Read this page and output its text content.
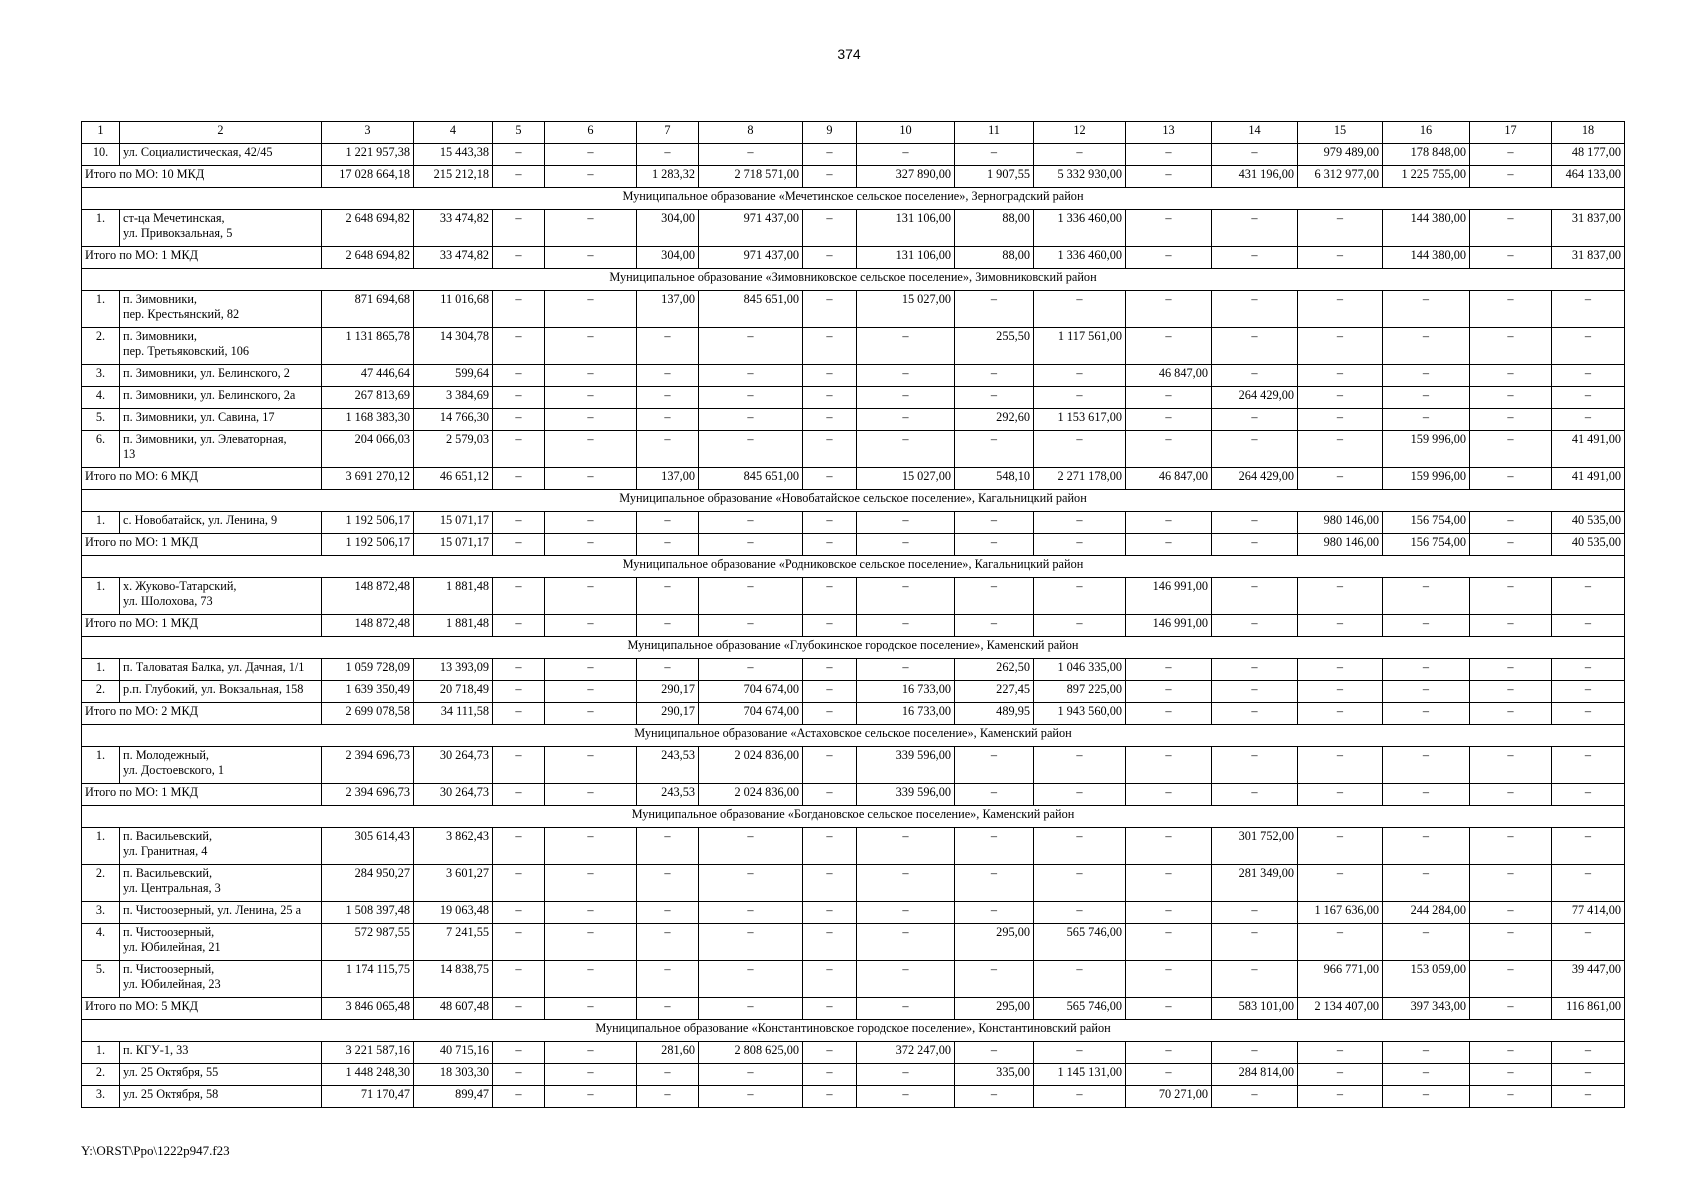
374
1	2	3	4	5	6	7	8	9	10	11	12	13	14	15	16	17	18
10.	ул. Социалистическая, 42/45	1 221 957,38	15 443,38	–	–	–	–	–	–	–	–	–	–	979 489,00	178 848,00	–	48 177,00
Итого по МО: 10 МКД		17 028 664,18	215 212,18	–	–	1 283,32	2 718 571,00	–	327 890,00	1 907,55	5 332 930,00	–	431 196,00	6 312 977,00	1 225 755,00	–	464 133,00
Муниципальное образование «Мечетинское сельское поселение», Зерноградский район																	
1.	ст-ца Мечетинская,
ул. Привокзальная, 5	2 648 694,82	33 474,82	–	–	304,00	971 437,00	–	131 106,00	88,00	1 336 460,00	–	–	–	144 380,00	–	31 837,00
Итого по МО: 1 МКД		2 648 694,82	33 474,82	–	–	304,00	971 437,00	–	131 106,00	88,00	1 336 460,00	–	–	–	144 380,00	–	31 837,00
Муниципальное образование «Зимовниковское сельское поселение», Зимовниковский район																	
1.	п. Зимовники,
пер. Крестьянский, 82	871 694,68	11 016,68	–	–	137,00	845 651,00	–	15 027,00	–	–	–	–	–	–	–	–
2.	п. Зимовники,
пер. Третьяковский, 106	1 131 865,78	14 304,78	–	–	–	–	–	–	255,50	1 117 561,00	–	–	–	–	–	–
3.	п. Зимовники, ул. Белинского, 2	47 446,64	599,64	–	–	–	–	–	–	–	–	46 847,00	–	–	–	–	–
4.	п. Зимовники, ул. Белинского, 2а	267 813,69	3 384,69	–	–	–	–	–	–	–	–	–	264 429,00	–	–	–	–
5.	п. Зимовники, ул. Савина, 17	1 168 383,30	14 766,30	–	–	–	–	–	–	292,60	1 153 617,00	–	–	–	–	–	–
6.	п. Зимовники, ул. Элеваторная,
13	204 066,03	2 579,03	–	–	–	–	–	–	–	–	–	–	–	159 996,00	–	41 491,00
Итого по МО: 6 МКД		3 691 270,12	46 651,12	–	–	137,00	845 651,00	–	15 027,00	548,10	2 271 178,00	46 847,00	264 429,00	–	159 996,00	–	41 491,00
Муниципальное образование «Новобатайское сельское поселение», Кагальницкий район																	
1.	с. Новобатайск, ул. Ленина, 9	1 192 506,17	15 071,17	–	–	–	–	–	–	–	–	–	–	980 146,00	156 754,00	–	40 535,00
Итого по МО: 1 МКД		1 192 506,17	15 071,17	–	–	–	–	–	–	–	–	–	–	980 146,00	156 754,00	–	40 535,00
Муниципальное образование «Родниковское сельское поселение», Кагальницкий район																	
1.	х. Жуково-Татарский,
ул. Шолохова, 73	148 872,48	1 881,48	–	–	–	–	–	–	–	–	146 991,00	–	–	–	–	–
Итого по МО: 1 МКД		148 872,48	1 881,48	–	–	–	–	–	–	–	–	146 991,00	–	–	–	–	–
Муниципальное образование «Глубокинское городское поселение», Каменский район																	
1.	п. Таловатая Балка, ул. Дачная, 1/1	1 059 728,09	13 393,09	–	–	–	–	–	–	262,50	1 046 335,00	–	–	–	–	–	–
2.	р.п. Глубокий, ул. Вокзальная, 158	1 639 350,49	20 718,49	–	–	290,17	704 674,00	–	16 733,00	227,45	897 225,00	–	–	–	–	–	–
Итого по МО: 2 МКД		2 699 078,58	34 111,58	–	–	290,17	704 674,00	–	16 733,00	489,95	1 943 560,00	–	–	–	–	–	–
Муниципальное образование «Астаховское сельское поселение», Каменский район																	
1.	п. Молодежный,
ул. Достоевского, 1	2 394 696,73	30 264,73	–	–	243,53	2 024 836,00	–	339 596,00	–	–	–	–	–	–	–	–
Итого по МО: 1 МКД		2 394 696,73	30 264,73	–	–	243,53	2 024 836,00	–	339 596,00	–	–	–	–	–	–	–	–
Муниципальное образование «Богдановское сельское поселение», Каменский район																	
1.	п. Васильевский,
ул. Гранитная, 4	305 614,43	3 862,43	–	–	–	–	–	–	–	–	–	301 752,00	–	–	–	–
2.	п. Васильевский,
ул. Центральная, 3	284 950,27	3 601,27	–	–	–	–	–	–	–	–	–	281 349,00	–	–	–	–
3.	п. Чистоозерный, ул. Ленина, 25 а	1 508 397,48	19 063,48	–	–	–	–	–	–	–	–	–	–	1 167 636,00	244 284,00	–	77 414,00
4.	п. Чистоозерный,
ул. Юбилейная, 21	572 987,55	7 241,55	–	–	–	–	–	–	295,00	565 746,00	–	–	–	–	–	–
5.	п. Чистоозерный,
ул. Юбилейная, 23	1 174 115,75	14 838,75	–	–	–	–	–	–	–	–	–	–	966 771,00	153 059,00	–	39 447,00
Итого по МО: 5 МКД		3 846 065,48	48 607,48	–	–	–	–	–	–	295,00	565 746,00	–	583 101,00	2 134 407,00	397 343,00	–	116 861,00
Муниципальное образование «Константиновское городское поселение», Константиновский район																	
1.	п. КГУ-1, 33	3 221 587,16	40 715,16	–	–	281,60	2 808 625,00	–	372 247,00	–	–	–	–	–	–	–	–
2.	ул. 25 Октября, 55	1 448 248,30	18 303,30	–	–	–	–	–	–	335,00	1 145 131,00	–	284 814,00	–	–	–	–
3.	ул. 25 Октября, 58	71 170,47	899,47	–	–	–	–	–	–	–	–	70 271,00	–	–	–	–	–
Y:\ORST\Ppo\1222p947.f23
